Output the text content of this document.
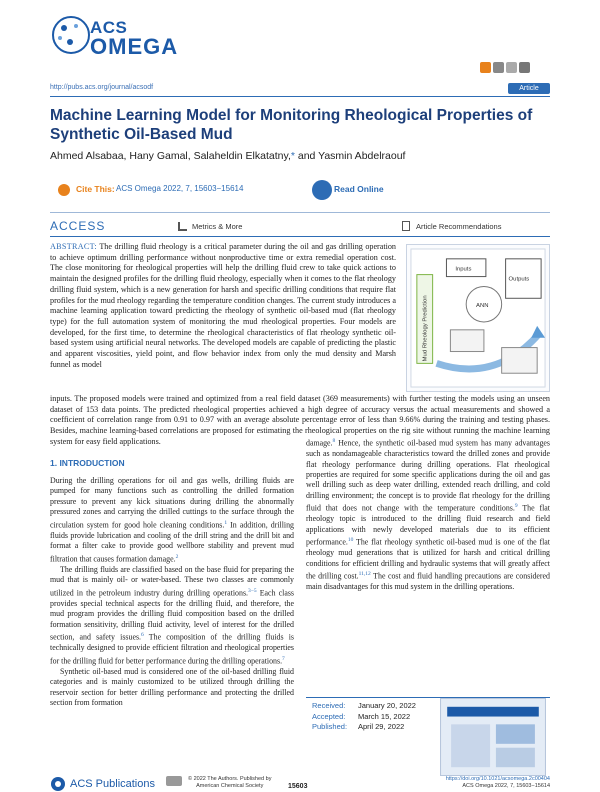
ACS
OMEGA
http://pubs.acs.org/journal/acsodf	Article
Machine Learning Model for Monitoring Rheological Properties of Synthetic Oil-Based Mud
Ahmed Alsabaa, Hany Gamal, Salaheldin Elkatatny,* and Yasmin Abdelraouf
Cite This: ACS Omega 2022, 7, 15603−15614	Read Online
ACCESS	Metrics & More	Article Recommendations
ABSTRACT: The drilling fluid rheology is a critical parameter during the oil and gas drilling operation to achieve optimum drilling performance without nonproductive time or extra remedial operation cost. The close monitoring for rheological properties will help the drilling fluid crew to take quick actions to maintain the designed profiles for the drilling fluid rheology, especially when it comes to the flat rheology drilling fluid system, which is a new generation for harsh and specific drilling conditions that require flat profiles for the mud rheology regarding the temperature condition changes. The current study introduces a machine learning application toward predicting the rheology of synthetic oil-based mud (flat rheology type) for the full automation system of monitoring the mud rheological properties. Four models are developed, for the first time, to determine the rheological characteristics of flat rheology synthetic oil-based system using artificial neural networks. The developed models are capable of predicting the plastic and apparent viscosities, yield point, and flow behavior index from only the mud density and Marsh funnel as model
Mud Rheology Prediction
Inputs
ANN
Outputs
inputs. The proposed models were trained and optimized from a real field dataset (369 measurements) with further testing the models using an unseen dataset of 153 data points. The predicted rheological properties achieved a high degree of accuracy versus the actual measurements and showed a coefficient of correlation range from 0.91 to 0.97 with an average absolute percentage error of less than 9.66% during the training and testing phases. Besides, machine learning-based correlations are proposed for estimating the rheological properties on the rig site without running the machine learning system for easy field applications.
1. INTRODUCTION

During the drilling operations for oil and gas wells, drilling fluids are pumped for many functions such as controlling the drilled formation pressure to prevent any kick situations during drilling the abnormally pressured zones and carrying the drilled cuttings to the surface through the circulation system for good hole cleaning conditions.$^1$ In addition, drilling fluids provide lubrication and cooling of the drill string and the drill bit and format a filter cake to provide good wellbore stability and prevent mud filtration that causes formation damage.$^2$

The drilling fluids are classified based on the base fluid for preparing the mud that is mainly oil- or water-based. These two classes are commonly utilized in the petroleum industry during drilling operations.$^{3-5}$ Each class provides special technical aspects for the drilling fluid, and therefore, the mud program provides the drilling fluid composition based on the drilled formation sensitivity, drilling fluid activity, level of interest for the drilled section, and safety issues.$^6$ The composition of the drilling fluids is technically designed to provide efficient filtration and rheological properties for the drilling fluid for better performance during the drilling operations.$^7$

Synthetic oil-based mud is considered one of the oil-based drilling fluid categories and is mainly customized to be utilized through drilling the reservoir section for better drilling performance and protecting the drilled section from formation

damage.$^8$ Hence, the synthetic oil-based mud system has many advantages such as nondamageable characteristics toward the drilled zones and provide flat rheology performance during drilling operations. Flat rheological properties are required for some specific applications during the oil and gas well drilling such as deep water drilling, extended reach drilling, and cold drilling environment; the concept is to provide flat rheology for the drilling fluid that does not change with the temperature conditions.$^9$ The flat rheology topic is introduced to the drilling fluid research and field applications with newly developed materials due to its efficient performance.$^{10}$ The flat rheology synthetic oil-based mud is one of the flat rheology mud generations that is utilized for harsh and critical drilling conditions for efficient drilling and hydraulic systems that will greatly affect the drilling cost.$^{11,12}$ The cost and fluid handling precautions are considered main disadvantages for this mud system in the drilling operations.

Received: January 20, 2022
Accepted: March 15, 2022
Published: April 29, 2022
ACS Publications	© 2022 The Authors. Published by
American Chemical Society	15603
https://doi.org/10.1021/acsomega.2c00404
ACS Omega 2022, 7, 15603−15614
